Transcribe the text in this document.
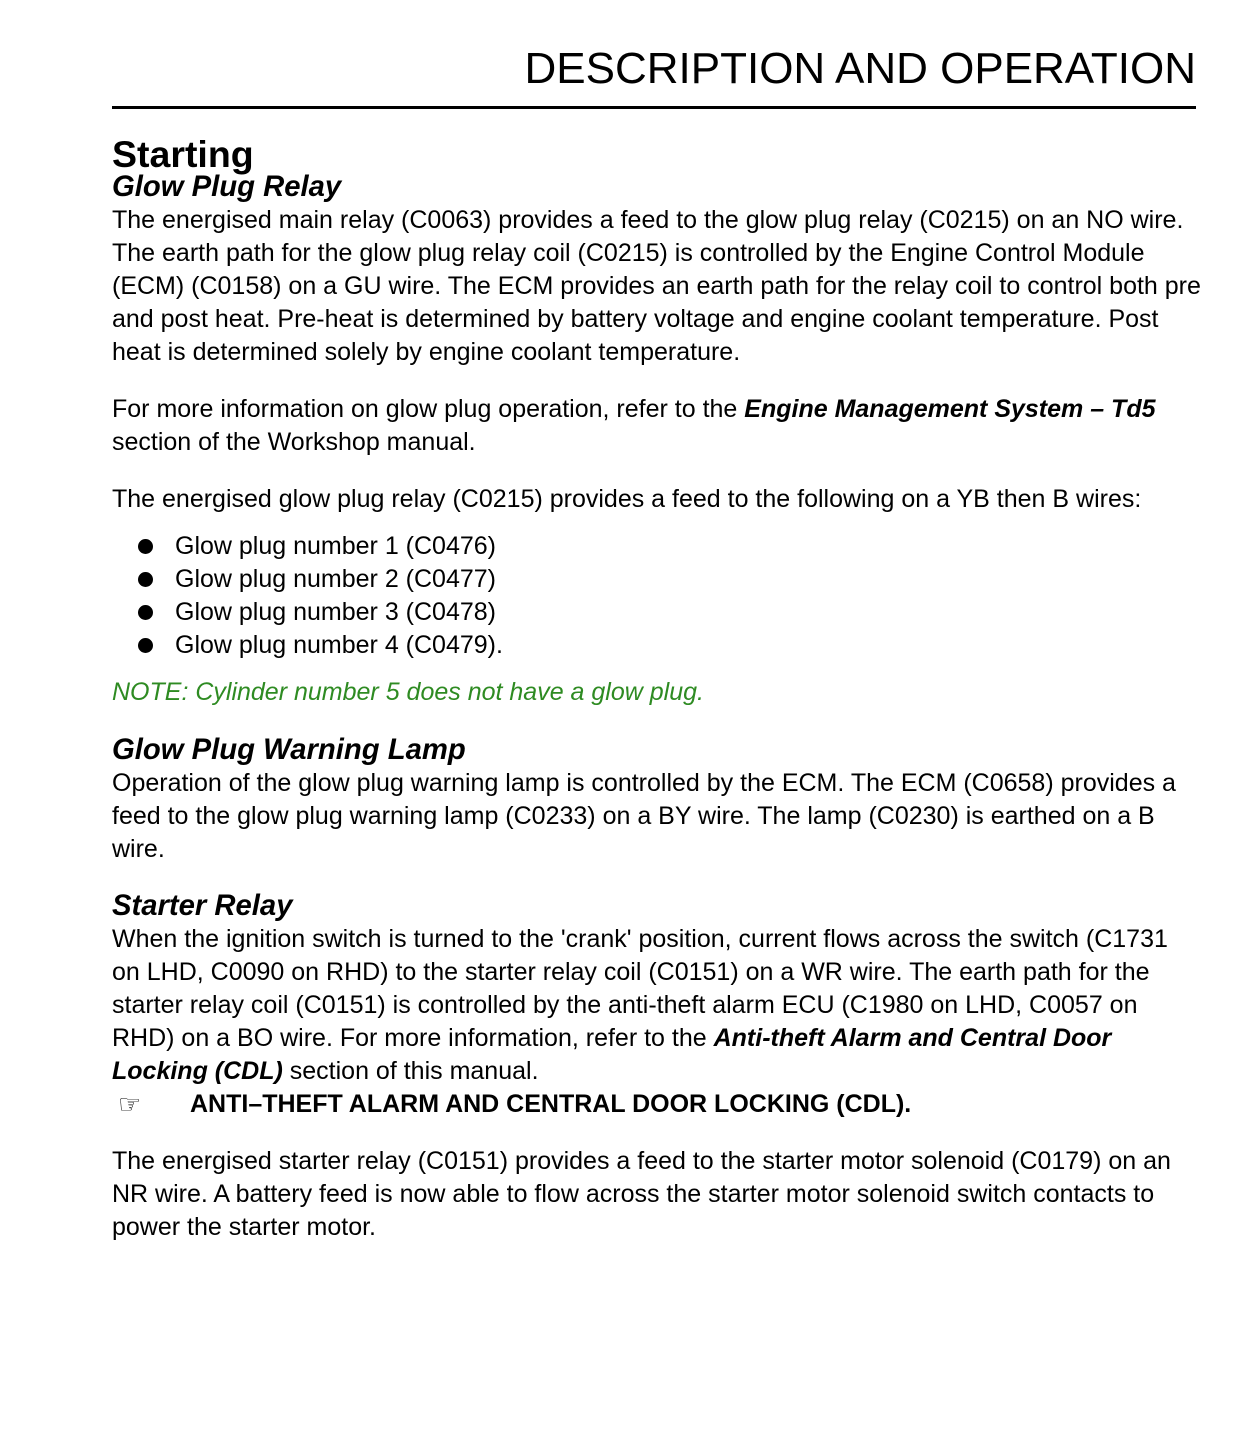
DESCRIPTION AND OPERATION
Starting
Glow Plug Relay

The energised main relay (C0063) provides a feed to the glow plug relay (C0215) on an NO wire. The earth path for the glow plug relay coil (C0215) is controlled by the Engine Control Module (ECM) (C0158) on a GU wire. The ECM provides an earth path for the relay coil to control both pre and post heat. Pre-heat is determined by battery voltage and engine coolant temperature. Post heat is determined solely by engine coolant temperature.

For more information on glow plug operation, refer to the Engine Management System – Td5 section of the Workshop manual.

The energised glow plug relay (C0215) provides a feed to the following on a YB then B wires:

Glow plug number 1 (C0476)
Glow plug number 2 (C0477)
Glow plug number 3 (C0478)
Glow plug number 4 (C0479).

NOTE: Cylinder number 5 does not have a glow plug.

Glow Plug Warning Lamp

Operation of the glow plug warning lamp is controlled by the ECM. The ECM (C0658) provides a feed to the glow plug warning lamp (C0233) on a BY wire. The lamp (C0230) is earthed on a B wire.

Starter Relay

When the ignition switch is turned to the 'crank' position, current flows across the switch (C1731 on LHD, C0090 on RHD) to the starter relay coil (C0151) on a WR wire. The earth path for the starter relay coil (C0151) is controlled by the anti-theft alarm ECU (C1980 on LHD, C0057 on RHD) on a BO wire. For more information, refer to the Anti-theft Alarm and Central Door Locking (CDL) section of this manual.

☞	ANTI–THEFT ALARM AND CENTRAL DOOR LOCKING (CDL).

The energised starter relay (C0151) provides a feed to the starter motor solenoid (C0179) on an NR wire. A battery feed is now able to flow across the starter motor solenoid switch contacts to power the starter motor.
